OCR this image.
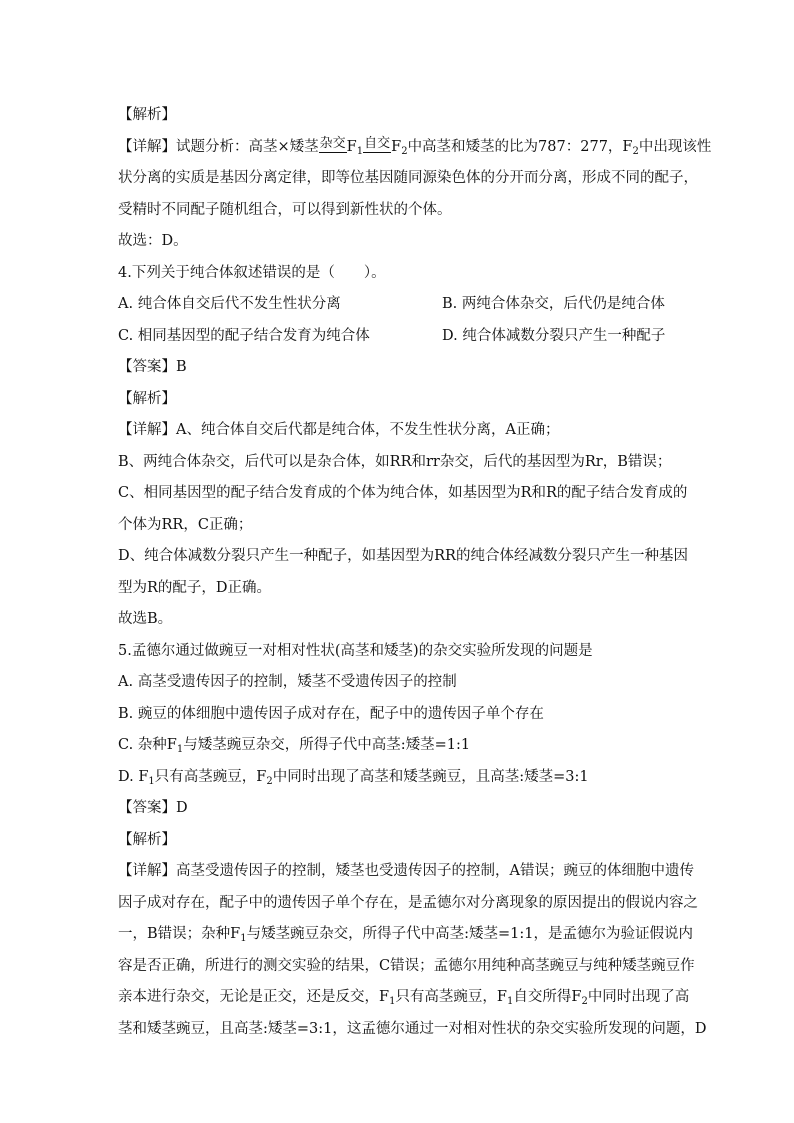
【解析】
【详解】试题分析：高茎×矮茎杂交$F_1$自交$F_2$中高茎和矮茎的比为787：277，$F_2$中出现该性
状分离的实质是基因分离定律，即等位基因随同源染色体的分开而分离，形成不同的配子，
受精时不同配子随机组合，可以得到新性状的个体。
故选：D。
4.下列关于纯合体叙述错误的是（　　）。
A. 纯合体自交后代不发生性状分离	B. 两纯合体杂交，后代仍是纯合体
C. 相同基因型的配子结合发育为纯合体	D. 纯合体减数分裂只产生一种配子
【答案】B
【解析】
【详解】A、纯合体自交后代都是纯合体，不发生性状分离，A正确；
B、两纯合体杂交，后代可以是杂合体，如RR和rr杂交，后代的基因型为Rr，B错误；
C、相同基因型的配子结合发育成的个体为纯合体，如基因型为R和R的配子结合发育成的
个体为RR，C正确；
D、纯合体减数分裂只产生一种配子，如基因型为RR的纯合体经减数分裂只产生一种基因
型为R的配子，D正确。
故选B。
5.孟德尔通过做豌豆一对相对性状(高茎和矮茎)的杂交实验所发现的问题是
A. 高茎受遗传因子的控制，矮茎不受遗传因子的控制
B. 豌豆的体细胞中遗传因子成对存在，配子中的遗传因子单个存在
C. 杂种$F_1$与矮茎豌豆杂交，所得子代中高茎:矮茎=1:1
D. $F_1$只有高茎豌豆，$F_2$中同时出现了高茎和矮茎豌豆，且高茎:矮茎=3:1
【答案】D
【解析】
【详解】高茎受遗传因子的控制，矮茎也受遗传因子的控制，A错误；豌豆的体细胞中遗传
因子成对存在，配子中的遗传因子单个存在，是孟德尔对分离现象的原因提出的假说内容之
一，B错误；杂种$F_1$与矮茎豌豆杂交，所得子代中高茎:矮茎=1:1，是孟德尔为验证假说内
容是否正确，所进行的测交实验的结果，C错误；孟德尔用纯种高茎豌豆与纯种矮茎豌豆作
亲本进行杂交，无论是正交，还是反交，$F_1$只有高茎豌豆，$F_1$自交所得$F_2$中同时出现了高
茎和矮茎豌豆，且高茎:矮茎=3:1，这孟德尔通过一对相对性状的杂交实验所发现的问题，D
